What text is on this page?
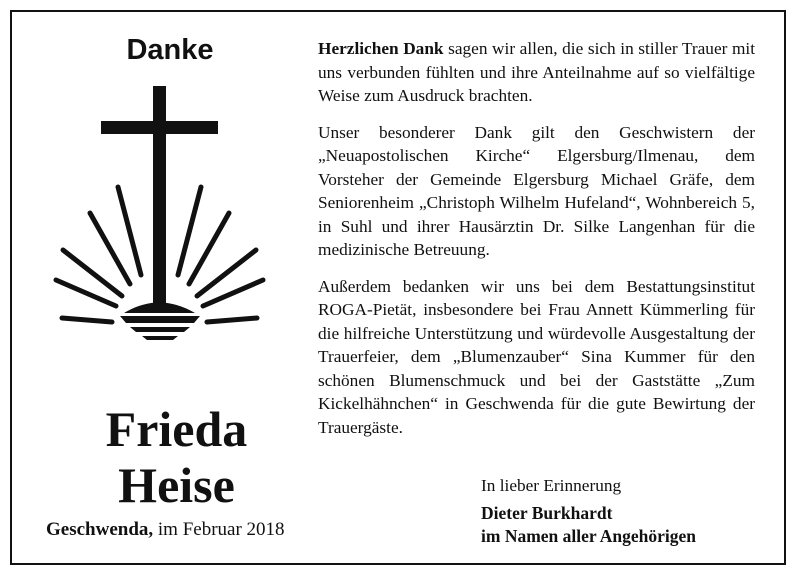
Danke
Frieda
Heise
Geschwenda, im Februar 2018

Herzlichen Dank sagen wir allen, die sich in stiller Trauer mit uns verbunden fühlten und ihre Anteilnahme auf so vielfältige Weise zum Ausdruck brachten.

Unser besonderer Dank gilt den Geschwistern der „Neuapostolischen Kirche“ Elgersburg/Ilmenau, dem Vorsteher der Gemeinde Elgersburg Michael Gräfe, dem Seniorenheim „Christoph Wilhelm Hufeland“, Wohnbereich 5, in Suhl und ihrer Hausärztin Dr. Silke Langenhan für die medizinische Betreuung.

Außerdem bedanken wir uns bei dem Bestattungsinstitut ROGA-Pietät, insbesondere bei Frau Annett Kümmerling für die hilfreiche Unterstützung und würdevolle Ausgestaltung der Trauerfeier, dem „Blumenzauber“ Sina Kummer für den schönen Blumenschmuck und bei der Gaststätte „Zum Kickelhähnchen“ in Geschwenda für die gute Bewirtung der Trauergäste.

In lieber Erinnerung
Dieter Burkhardt
im Namen aller Angehörigen
